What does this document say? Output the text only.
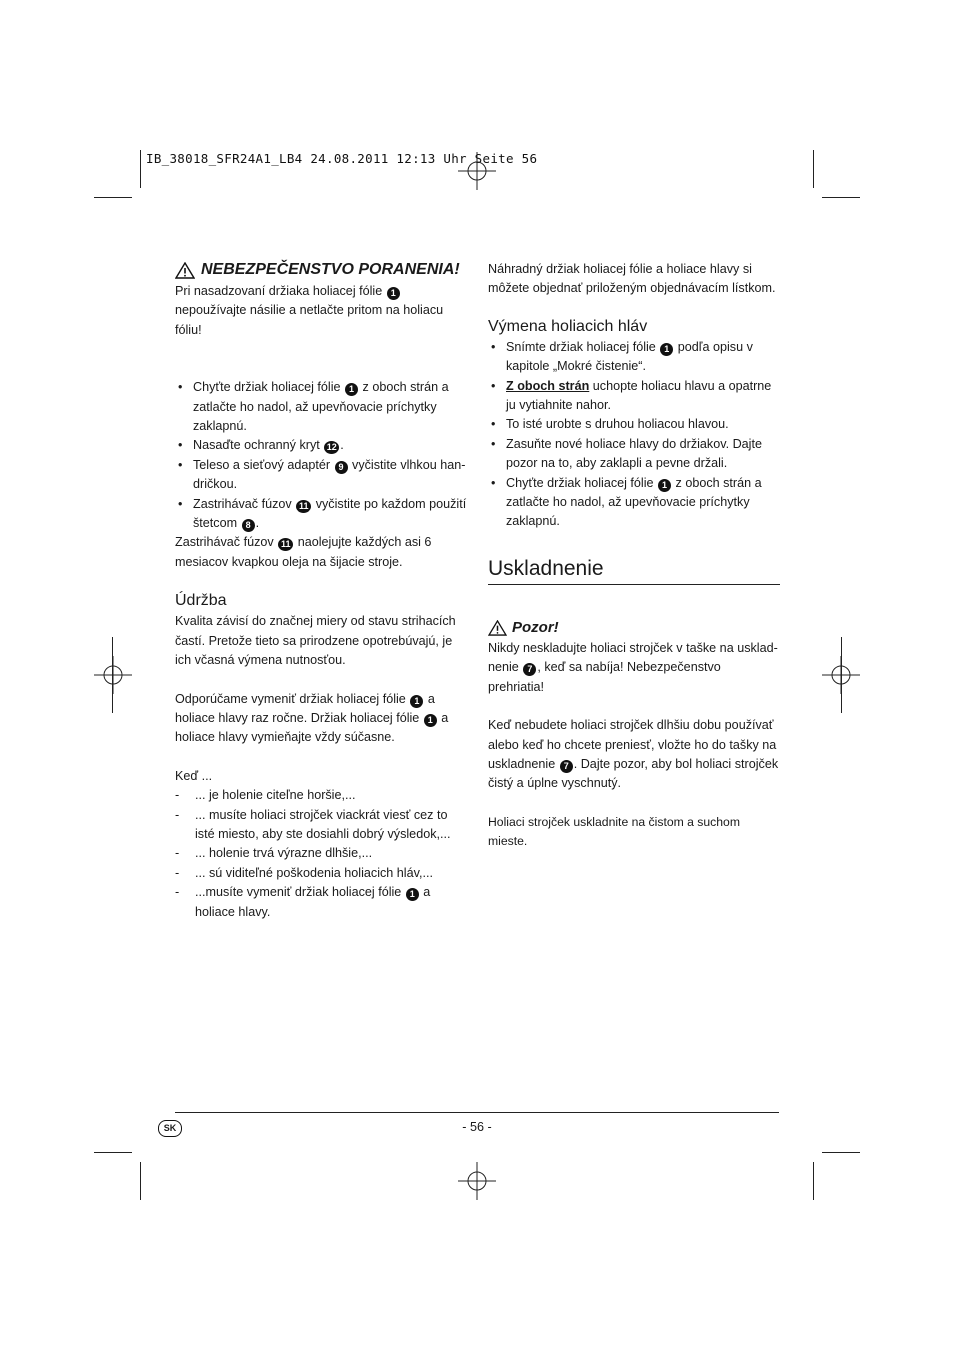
IB_38018_SFR24A1_LB4 24.08.2011 12:13 Uhr Seite 56
NEBEZPEČENSTVO PORANENIA!

Pri nasadzovaní držiaka holiacej fólie 1 nepoužívajte násilie a netlačte pritom na holiacu fóliu!

• Chyťte držiak holiacej fólie 1 z oboch strán a zatlačte ho nadol, až upevňovacie príchytky zaklapnú.
• Nasaďte ochranný kryt 12 .
• Teleso a sieťový adaptér 9 vyčistite vlhkou han-dričkou.
• Zastrihávač fúzov 11 vyčistite po každom použití štetcom 8 .

Zastrihávač fúzov 11 naolejujte každých asi 6 mesiacov kvapkou oleja na šijacie stroje.

Údržba

Kvalita závisí do značnej miery od stavu strihacích častí. Pretože tieto sa prirodzene opotrebúvajú, je ich včasná výmena nutnosťou.

Odporúčame vymeniť držiak holiacej fólie 1 a holiace hlavy raz ročne. Držiak holiacej fólie 1 a holiace hlavy vymieňajte vždy súčasne.

Keď ...

- ... je holenie citeľne horšie,...
- ... musíte holiaci strojček viackrát viesť cez to isté miesto, aby ste dosiahli dobrý výsledok,...
- ... holenie trvá výrazne dlhšie,...
- ... sú viditeľné poškodenia holiacich hláv,...
- ...musíte vymeniť držiak holiacej fólie 1 a holiace hlavy.

Náhradný držiak holiacej fólie a holiace hlavy si môžete objednať priloženým objednávacím lístkom.

Výmena holiacich hláv
• Snímte držiak holiacej fólie 1 podľa opisu v kapitole „Mokré čistenie“.
• Z oboch strán uchopte holiacu hlavu a opatrne ju vytiahnite nahor.
• To isté urobte s druhou holiacou hlavou.
• Zasuňte nové holiace hlavy do držiakov. Dajte pozor na to, aby zaklapli a pevne držali.
• Chyťte držiak holiacej fólie 1 z oboch strán a zatlačte ho nadol, až upevňovacie príchytky zaklapnú.
Uskladnenie
Pozor!

Nikdy neskladujte holiaci strojček v taške na usklad-nenie 7 , keď sa nabíja! Nebezpečenstvo prehriatia!

Keď nebudete holiaci strojček dlhšiu dobu používať alebo keď ho chcete preniesť, vložte ho do tašky na uskladnenie 7 . Dajte pozor, aby bol holiaci strojček čistý a úplne vyschnutý.

Holiaci strojček uskladnite na čistom a suchom mieste.

SK	- 56 -
